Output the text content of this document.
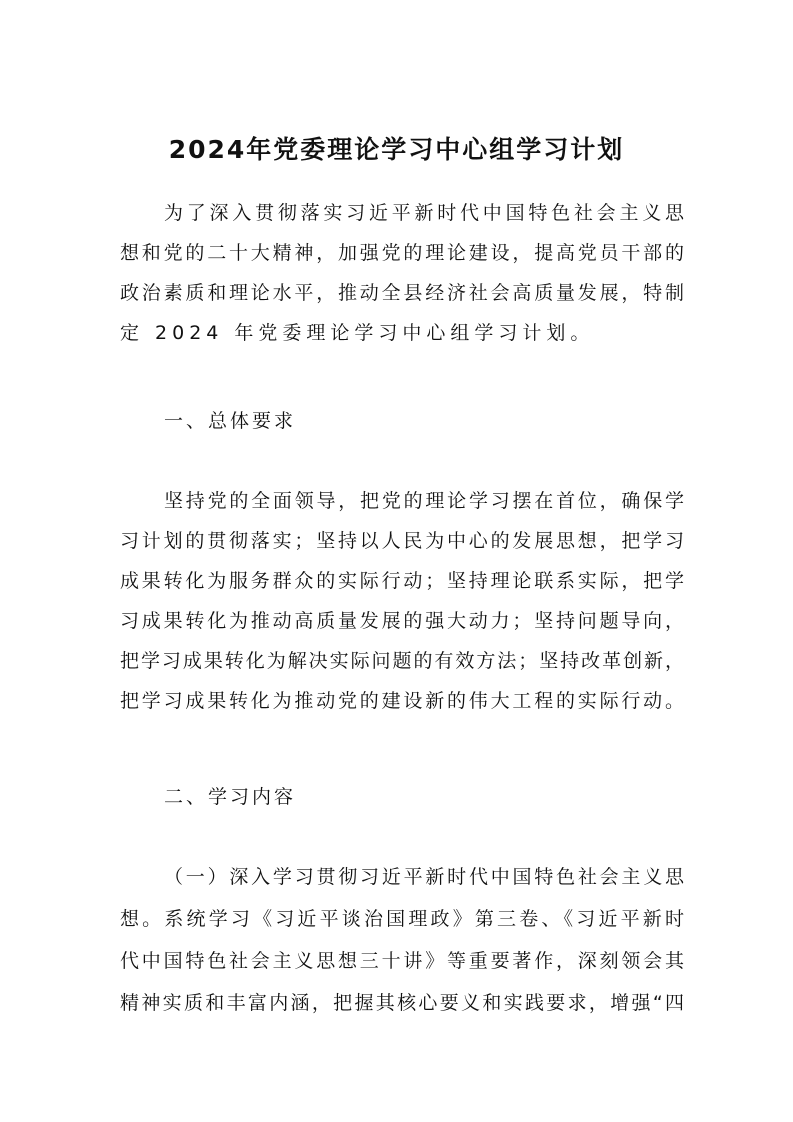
2024年党委理论学习中心组学习计划
为了深入贯彻落实习近平新时代中国特色社会主义思
想和党的二十大精神，加强党的理论建设，提高党员干部的
政治素质和理论水平，推动全县经济社会高质量发展，特制
定 2024 年党委理论学习中心组学习计划。
一、总体要求
坚持党的全面领导，把党的理论学习摆在首位，确保学
习计划的贯彻落实；坚持以人民为中心的发展思想，把学习
成果转化为服务群众的实际行动；坚持理论联系实际，把学
习成果转化为推动高质量发展的强大动力；坚持问题导向，
把学习成果转化为解决实际问题的有效方法；坚持改革创新，
把学习成果转化为推动党的建设新的伟大工程的实际行动。
二、学习内容
（一）深入学习贯彻习近平新时代中国特色社会主义思
想。系统学习《习近平谈治国理政》第三卷、《习近平新时
代中国特色社会主义思想三十讲》等重要著作，深刻领会其
精神实质和丰富内涵，把握其核心要义和实践要求，增强“四
